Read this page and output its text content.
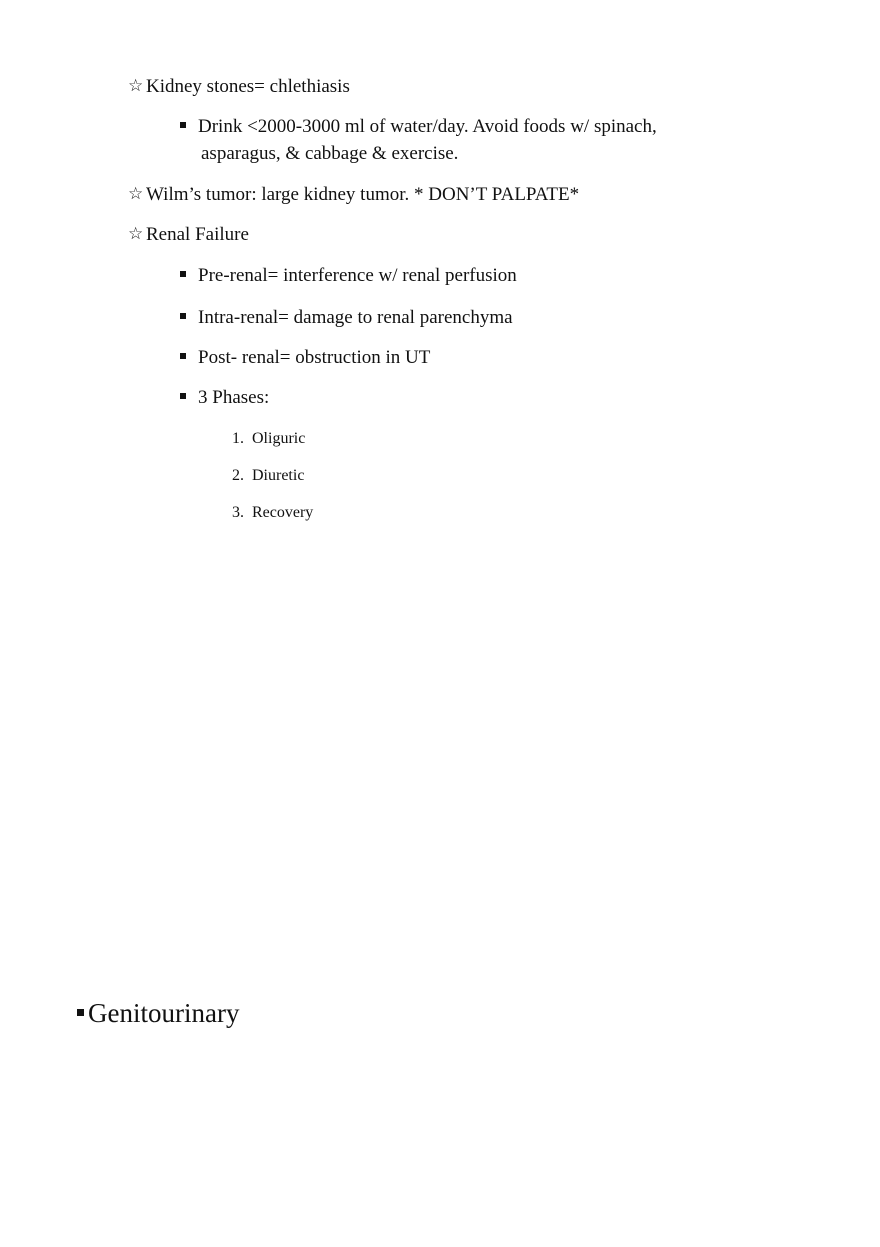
☆ Kidney stones= chlethiasis
Drink <2000-3000 ml of water/day. Avoid foods w/ spinach,
asparagus, & cabbage & exercise.
☆ Wilm’s tumor: large kidney tumor. * DON’T PALPATE*
☆ Renal Failure
Pre-renal= interference w/ renal perfusion
Intra-renal= damage to renal parenchyma
Post- renal= obstruction in UT
3 Phases:
1. Oliguric
2. Diuretic
3. Recovery
Genitourinary
